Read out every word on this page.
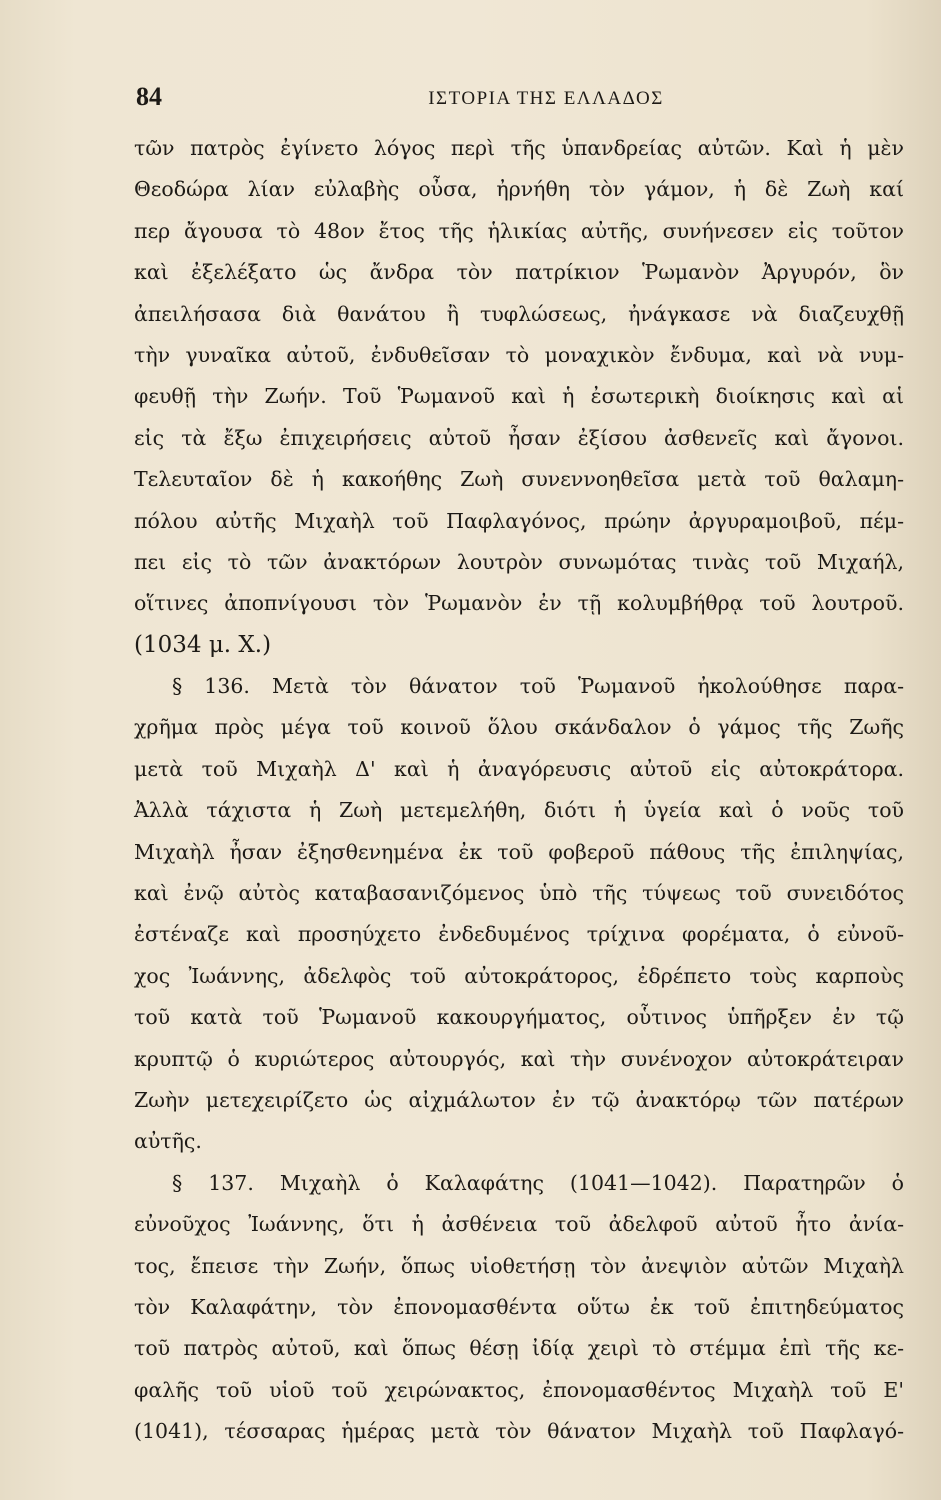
84	ΙΣΤΟΡΙΑ ΤΗΣ ΕΛΛΑΔΟΣ
τῶν πατρὸς ἐγίνετο λόγος περὶ τῆς ὑπανδρείας αὐτῶν. Καὶ ἡ μὲν
Θεοδώρα λίαν εὐλαβὴς οὖσα, ἠρνήθη τὸν γάμον, ἡ δὲ Ζωὴ καί
περ ἄγουσα τὸ 48ον ἔτος τῆς ἡλικίας αὐτῆς, συνήνεσεν εἰς τοῦτον
καὶ ἐξελέξατο ὡς ἄνδρα τὸν πατρίκιον Ῥωμανὸν Ἀργυρόν, ὃν
ἀπειλήσασα διὰ θανάτου ἢ τυφλώσεως, ἠνάγκασε νὰ διαζευχθῇ
τὴν γυναῖκα αὐτοῦ, ἐνδυθεῖσαν τὸ μοναχικὸν ἔνδυμα, καὶ νὰ νυμ-
φευθῇ τὴν Ζωήν. Τοῦ Ῥωμανοῦ καὶ ἡ ἐσωτερικὴ διοίκησις καὶ αἱ
εἰς τὰ ἔξω ἐπιχειρήσεις αὐτοῦ ἦσαν ἐξίσου ἀσθενεῖς καὶ ἄγονοι.
Τελευταῖον δὲ ἡ κακοήθης Ζωὴ συνεννοηθεῖσα μετὰ τοῦ θαλαμη-
πόλου αὐτῆς Μιχαὴλ τοῦ Παφλαγόνος, πρώην ἀργυραμοιβοῦ, πέμ-
πει εἰς τὸ τῶν ἀνακτόρων λουτρὸν συνωμότας τινὰς τοῦ Μιχαήλ,
οἵτινες ἀποπνίγουσι τὸν Ῥωμανὸν ἐν τῇ κολυμβήθρᾳ τοῦ λουτροῦ.
(1034 μ. Χ.)
§ 136. Μετὰ τὸν θάνατον τοῦ Ῥωμανοῦ ἠκολούθησε παρα-
χρῆμα πρὸς μέγα τοῦ κοινοῦ ὅλου σκάνδαλον ὁ γάμος τῆς Ζωῆς
μετὰ τοῦ Μιχαὴλ Δ' καὶ ἡ ἀναγόρευσις αὐτοῦ εἰς αὐτοκράτορα.
Ἀλλὰ τάχιστα ἡ Ζωὴ μετεμελήθη, διότι ἡ ὑγεία καὶ ὁ νοῦς τοῦ
Μιχαὴλ ἦσαν ἐξησθενημένα ἐκ τοῦ φοβεροῦ πάθους τῆς ἐπιληψίας,
καὶ ἐνῷ αὐτὸς καταβασανιζόμενος ὑπὸ τῆς τύψεως τοῦ συνειδότος
ἐστέναζε καὶ προσηύχετο ἐνδεδυμένος τρίχινα φορέματα, ὁ εὐνοῦ-
χος Ἰωάννης, ἀδελφὸς τοῦ αὐτοκράτορος, ἐδρέπετο τοὺς καρποὺς
τοῦ κατὰ τοῦ Ῥωμανοῦ κακουργήματος, οὗτινος ὑπῆρξεν ἐν τῷ
κρυπτῷ ὁ κυριώτερος αὐτουργός, καὶ τὴν συνένοχον αὐτοκράτειραν
Ζωὴν μετεχειρίζετο ὡς αἰχμάλωτον ἐν τῷ ἀνακτόρῳ τῶν πατέρων
αὐτῆς.
§ 137. Μιχαὴλ ὁ Καλαφάτης (1041—1042). Παρατηρῶν ὁ
εὐνοῦχος Ἰωάννης, ὅτι ἡ ἀσθένεια τοῦ ἀδελφοῦ αὐτοῦ ἦτο ἀνία-
τος, ἔπεισε τὴν Ζωήν, ὅπως υἱοθετήσῃ τὸν ἀνεψιὸν αὐτῶν Μιχαὴλ
τὸν Καλαφάτην, τὸν ἐπονομασθέντα οὕτω ἐκ τοῦ ἐπιτηδεύματος
τοῦ πατρὸς αὐτοῦ, καὶ ὅπως θέσῃ ἰδίᾳ χειρὶ τὸ στέμμα ἐπὶ τῆς κε-
φαλῆς τοῦ υἱοῦ τοῦ χειρώνακτος, ἐπονομασθέντος Μιχαὴλ τοῦ Ε'
(1041), τέσσαρας ἡμέρας μετὰ τὸν θάνατον Μιχαὴλ τοῦ Παφλαγό-
